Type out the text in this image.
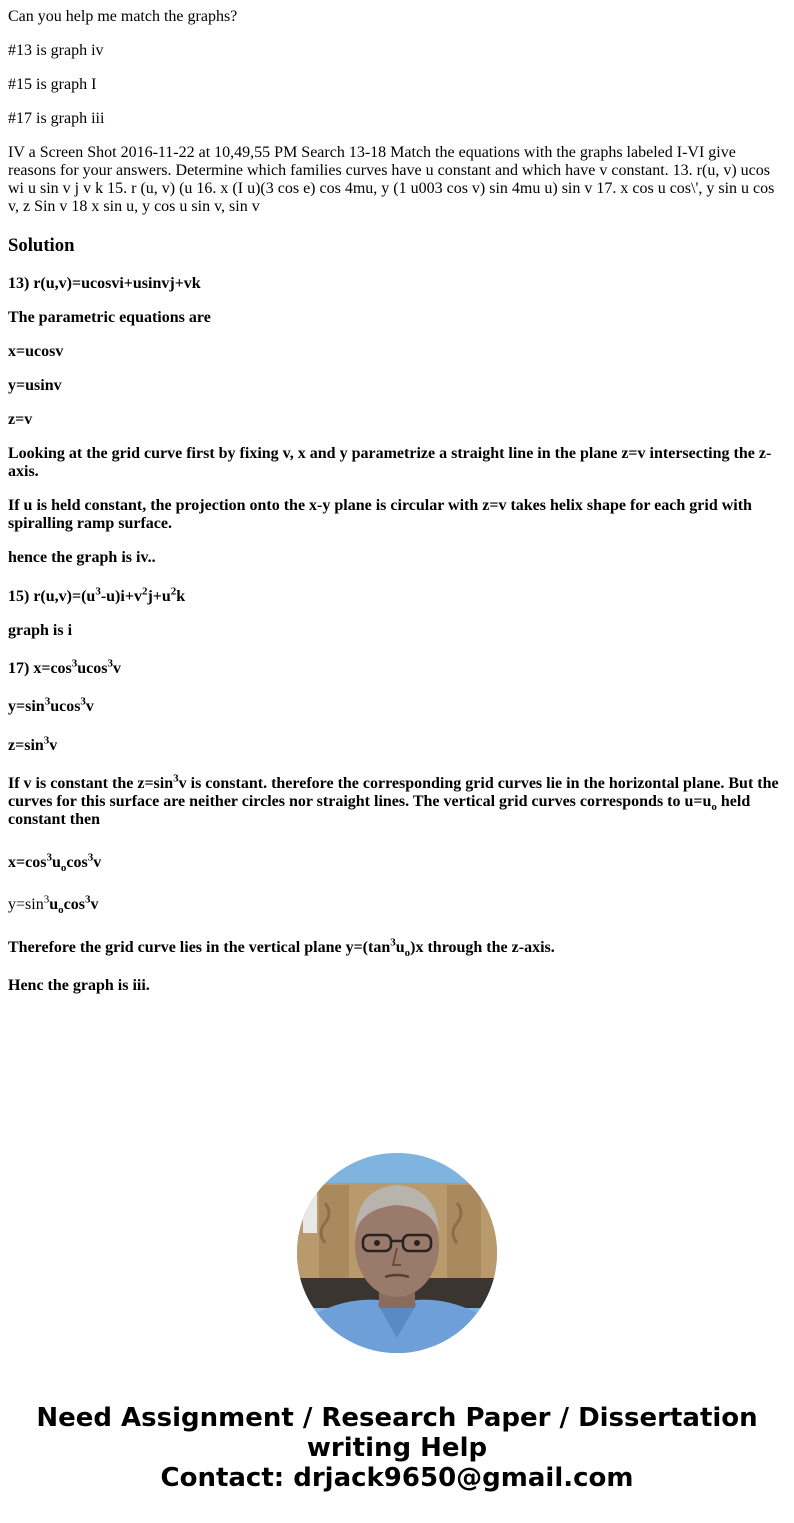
Can you help me match the graphs?

#13 is graph iv

#15 is graph I

#17 is graph iii

IV a Screen Shot 2016-11-22 at 10,49,55 PM Search 13-18 Match the equations with the graphs labeled I-VI give reasons for your answers. Determine which families curves have u constant and which have v constant. 13. r(u, v) ucos wi u sin v j v k 15. r (u, v) (u 16. x (I u)(3 cos e) cos 4mu, y (1 u003 cos v) sin 4mu u) sin v 17. x cos u cos\', y sin u cos v, z Sin v 18 x sin u, y cos u sin v, sin v

Solution

13) r(u,v)=ucosvi+usinvj+vk

The parametric equations are

x=ucosv

y=usinv

z=v

Looking at the grid curve first by fixing v, x and y parametrize a straight line in the plane z=v intersecting the z-axis.

If u is held constant, the projection onto the x-y plane is circular with z=v takes helix shape for each grid with spiralling ramp surface.

hence the graph is iv..

15) $r(u,v)=(u^3-u)i+v^2j+u^2k$

graph is i

17) $x=\cos^3ucos^3v$

$y=\sin^3ucos^3v$

$z=\sin^3v$

If v is constant the $z=\sin^3v$ is constant. therefore the corresponding grid curves lie in the horizontal plane. But the curves for this surface are neither circles nor straight lines. The vertical grid curves corresponds to $u=u_o$ held constant then

$x=\cos^3u_o\cos^3v$

$y=\sin^3u_o\cos^3v$

Therefore the grid curve lies in the vertical plane $y=(\tan^3u_o)x$ through the z-axis.

Henc the graph is iii.

Need Assignment / Research Paper / Dissertation
writing Help
Contact: drjack9650@gmail.com
